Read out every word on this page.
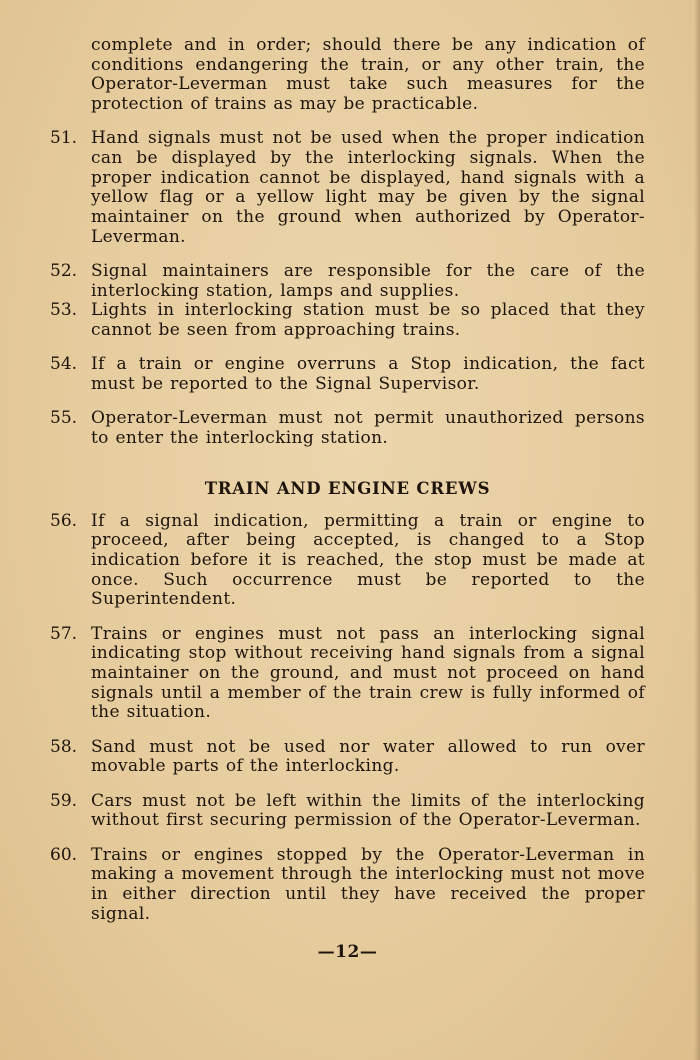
complete and in order; should there be any indication of conditions endangering the train, or any other train, the Operator-Leverman must take such measures for the protection of trains as may be practicable.
51. Hand signals must not be used when the proper indication can be displayed by the interlocking signals. When the proper indication cannot be displayed, hand signals with a yellow flag or a yellow light may be given by the signal maintainer on the ground when authorized by Operator-Leverman.
52. Signal maintainers are responsible for the care of the interlocking station, lamps and supplies.
53. Lights in interlocking station must be so placed that they cannot be seen from approaching trains.
54. If a train or engine overruns a Stop indication, the fact must be reported to the Signal Supervisor.
55. Operator-Leverman must not permit unauthorized persons to enter the interlocking station.
TRAIN AND ENGINE CREWS
56. If a signal indication, permitting a train or engine to proceed, after being accepted, is changed to a Stop indication before it is reached, the stop must be made at once. Such occurrence must be reported to the Superintendent.
57. Trains or engines must not pass an interlocking signal indicating stop without receiving hand signals from a signal maintainer on the ground, and must not proceed on hand signals until a member of the train crew is fully informed of the situation.
58. Sand must not be used nor water allowed to run over movable parts of the interlocking.
59. Cars must not be left within the limits of the interlocking without first securing permission of the Operator-Leverman.
60. Trains or engines stopped by the Operator-Leverman in making a movement through the interlocking must not move in either direction until they have received the proper signal.
—12—
